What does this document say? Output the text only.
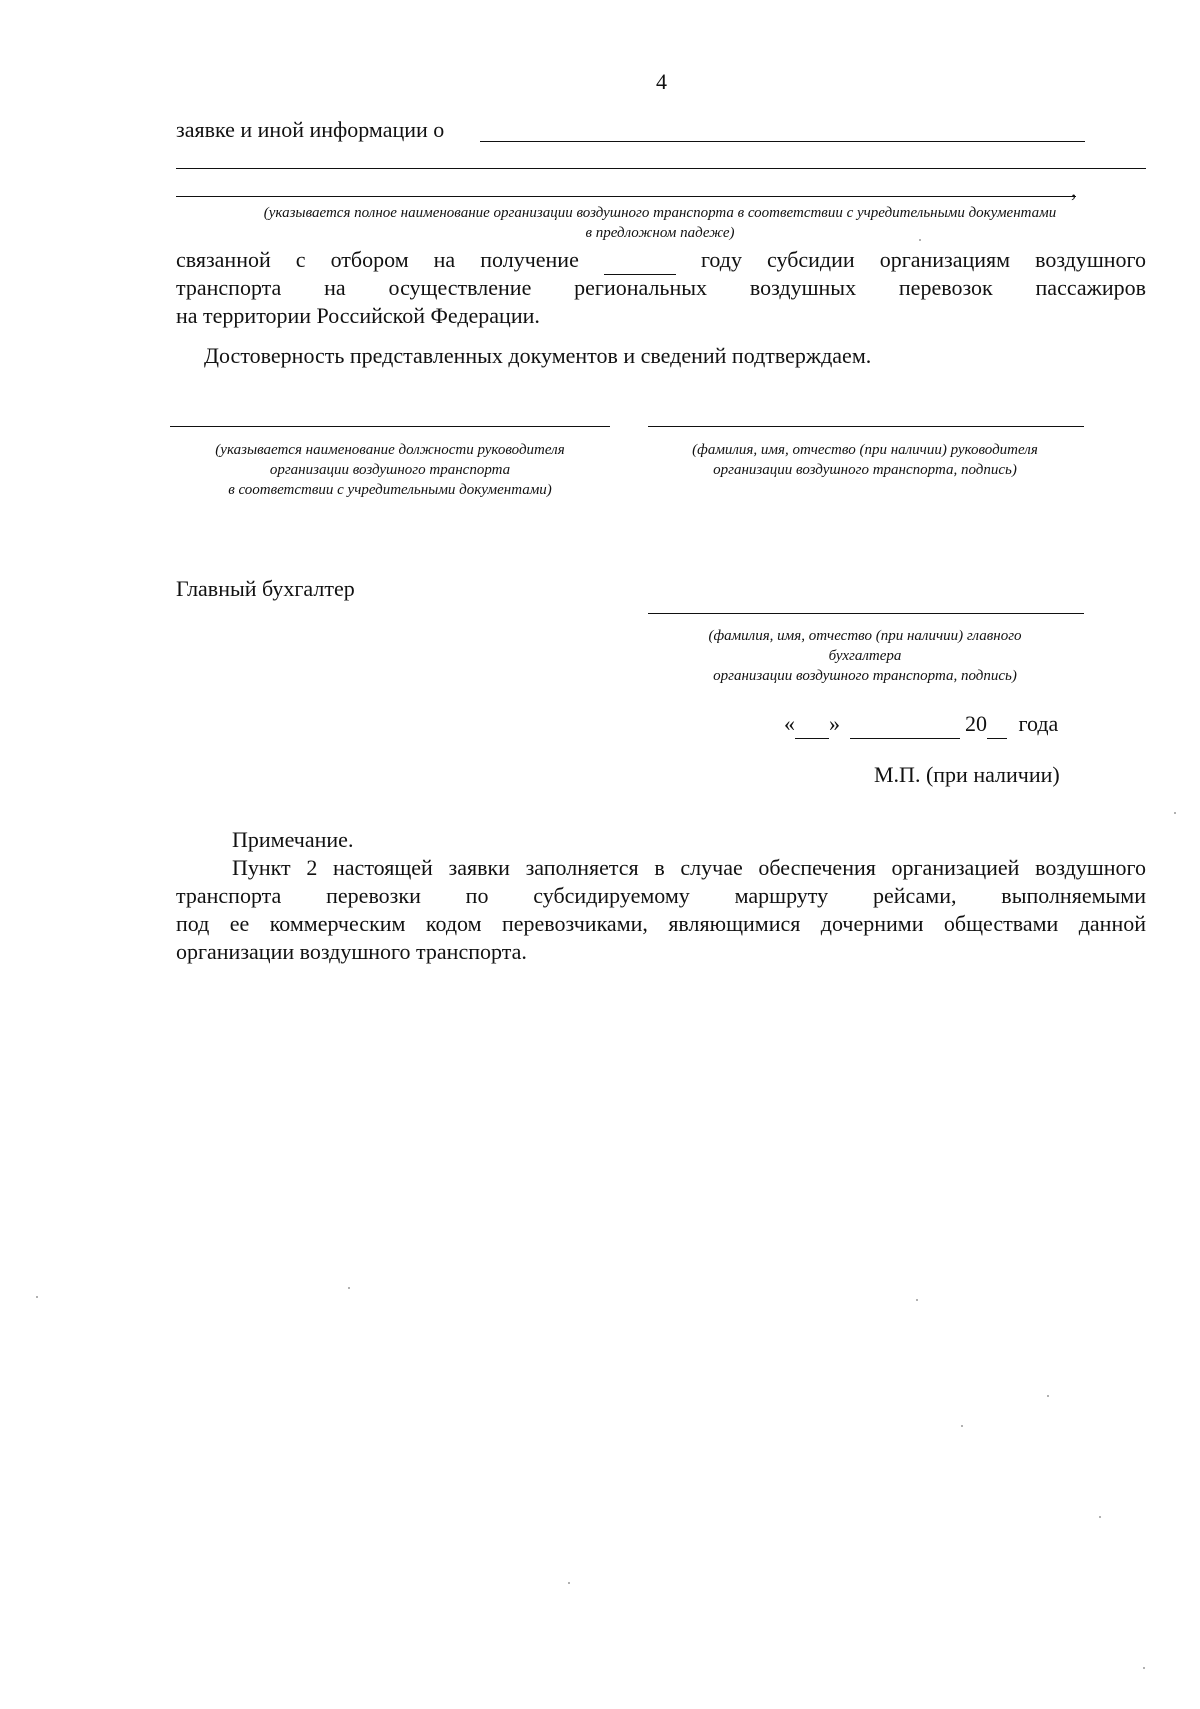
4
заявке и иной информации о
,
(указывается полное наименование организации воздушного транспорта в соответствии с учредительными документами
в предложном падеже)
связанной с отбором на получение	году субсидии организациям воздушного
транспорта на осуществление региональных воздушных перевозок пассажиров
на территории Российской Федерации.
Достоверность представленных документов и сведений подтверждаем.
(указывается наименование должности руководителя
организации воздушного транспорта
в соответствии с учредительными документами)
(фамилия, имя, отчество (при наличии) руководителя
организации воздушного транспорта, подпись)
Главный бухгалтер
(фамилия, имя, отчество (при наличии) главного
бухгалтера
организации воздушного транспорта, подпись)
« »	20 года
М.П. (при наличии)
Примечание.
Пункт 2 настоящей заявки заполняется в случае обеспечения организацией воздушного
транспорта перевозки по субсидируемому маршруту рейсами, выполняемыми
под ее коммерческим кодом перевозчиками, являющимися дочерними обществами данной
организации воздушного транспорта.
